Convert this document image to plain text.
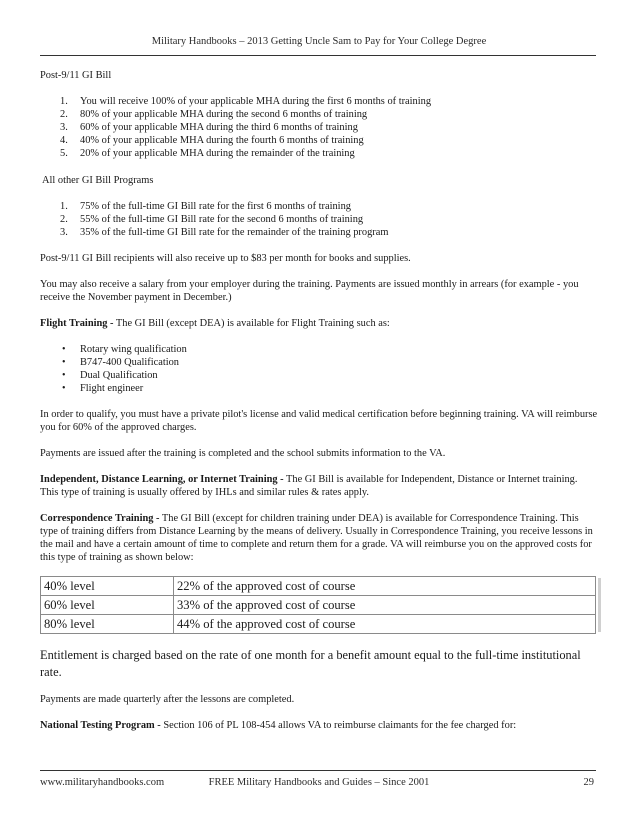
Military Handbooks – 2013 Getting Uncle Sam to Pay for Your College Degree

Post-9/11 GI Bill

1. You will receive 100% of your applicable MHA during the first 6 months of training
2. 80% of your applicable MHA during the second 6 months of training
3. 60% of your applicable MHA during the third 6 months of training
4. 40% of your applicable MHA during the fourth 6 months of training
5. 20% of your applicable MHA during the remainder of the training

All other GI Bill Programs

1. 75% of the full-time GI Bill rate for the first 6 months of training
2. 55% of the full-time GI Bill rate for the second 6 months of training
3. 35% of the full-time GI Bill rate for the remainder of the training program

Post-9/11 GI Bill recipients will also receive up to $83 per month for books and supplies.

You may also receive a salary from your employer during the training. Payments are issued monthly in arrears (for example - you receive the November payment in December.)

Flight Training - The GI Bill (except DEA) is available for Flight Training such as:

• Rotary wing qualification
• B747-400 Qualification
• Dual Qualification
• Flight engineer

In order to qualify, you must have a private pilot's license and valid medical certification before beginning training. VA will reimburse you for 60% of the approved charges.

Payments are issued after the training is completed and the school submits information to the VA.

Independent, Distance Learning, or Internet Training - The GI Bill is available for Independent, Distance or Internet training. This type of training is usually offered by IHLs and similar rules & rates apply.

Correspondence Training - The GI Bill (except for children training under DEA) is available for Correspondence Training. This type of training differs from Distance Learning by the means of delivery. Usually in Correspondence Training, you receive lessons in the mail and have a certain amount of time to complete and return them for a grade. VA will reimburse you on the approved costs for this type of training as shown below:

40% level	22% of the approved cost of course
60% level	33% of the approved cost of course
80% level	44% of the approved cost of course

Entitlement is charged based on the rate of one month for a benefit amount equal to the full-time institutional rate.

Payments are made quarterly after the lessons are completed.

National Testing Program - Section 106 of PL 108-454 allows VA to reimburse claimants for the fee charged for:

www.militaryhandbooks.com	FREE Military Handbooks and Guides – Since 2001	29
